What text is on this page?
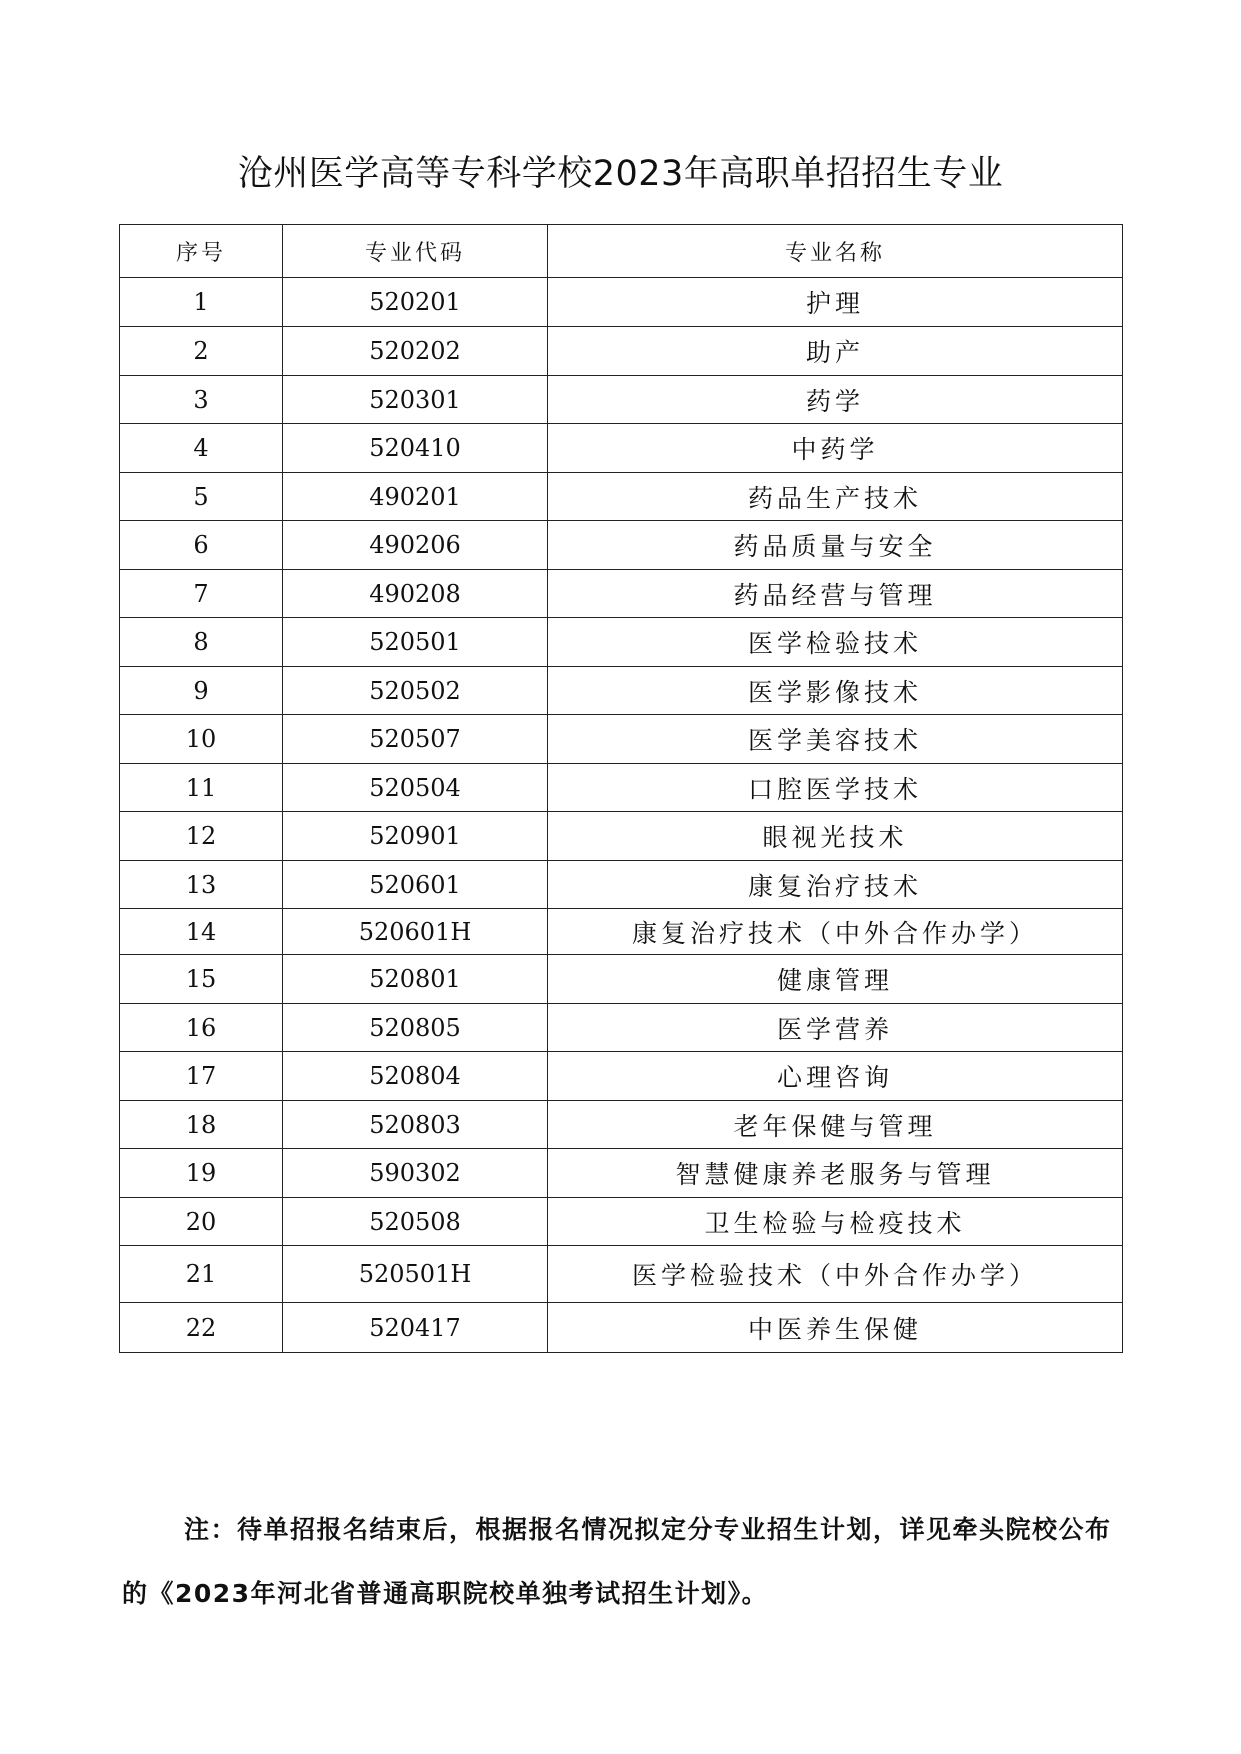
沧州医学高等专科学校2023年高职单招招生专业
序号	专业代码	专业名称
1	520201	护理
2	520202	助产
3	520301	药学
4	520410	中药学
5	490201	药品生产技术
6	490206	药品质量与安全
7	490208	药品经营与管理
8	520501	医学检验技术
9	520502	医学影像技术
10	520507	医学美容技术
11	520504	口腔医学技术
12	520901	眼视光技术
13	520601	康复治疗技术
14	520601H	康复治疗技术（中外合作办学）
15	520801	健康管理
16	520805	医学营养
17	520804	心理咨询
18	520803	老年保健与管理
19	590302	智慧健康养老服务与管理
20	520508	卫生检验与检疫技术
21	520501H	医学检验技术（中外合作办学）
22	520417	中医养生保健
注：待单招报名结束后，根据报名情况拟定分专业招生计划，详见牵头院校公布的《2023年河北省普通高职院校单独考试招生计划》。
